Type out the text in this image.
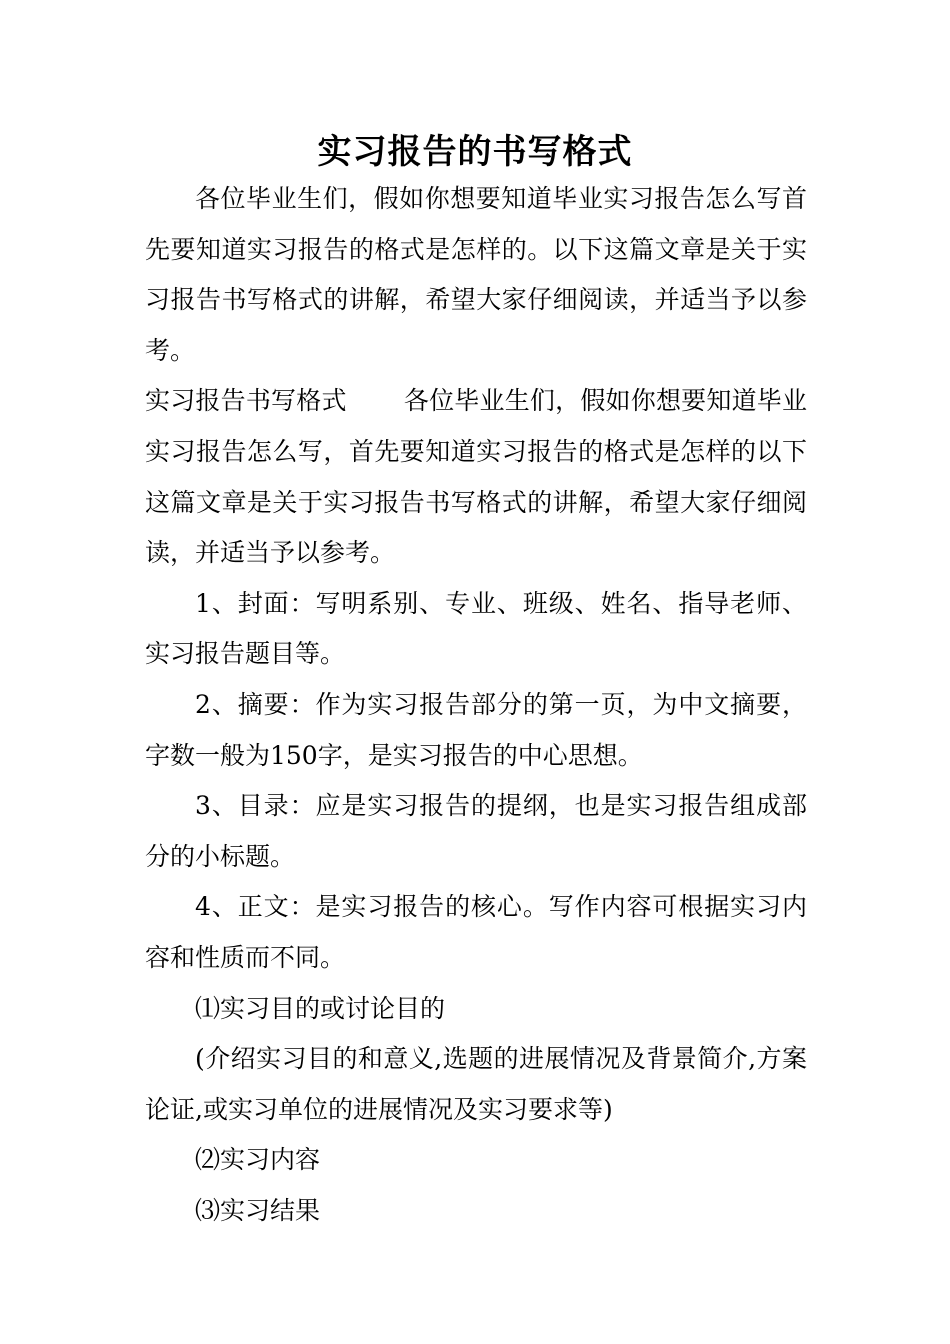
实习报告的书写格式

各位毕业生们，假如你想要知道毕业实习报告怎么写首先要知道实习报告的格式是怎样的。以下这篇文章是关于实习报告书写格式的讲解，希望大家仔细阅读，并适当予以参考。

实习报告书写格式 各位毕业生们，假如你想要知道毕业实习报告怎么写，首先要知道实习报告的格式是怎样的以下这篇文章是关于实习报告书写格式的讲解，希望大家仔细阅读，并适当予以参考。

1、封面：写明系别、专业、班级、姓名、指导老师、实习报告题目等。

2、摘要：作为实习报告部分的第一页，为中文摘要，字数一般为150字，是实习报告的中心思想。

3、目录：应是实习报告的提纲，也是实习报告组成部分的小标题。

4、正文：是实习报告的核心。写作内容可根据实习内容和性质而不同。

⑴实习目的或讨论目的

(介绍实习目的和意义,选题的进展情况及背景简介,方案论证,或实习单位的进展情况及实习要求等)

⑵实习内容

⑶实习结果
